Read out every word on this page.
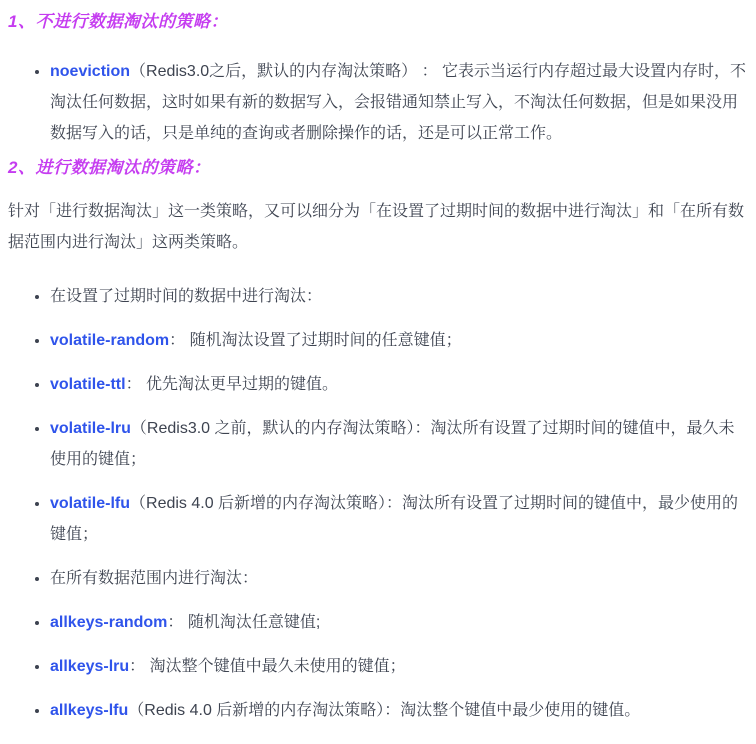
1、不进行数据淘汰的策略：
• noeviction（Redis3.0之后，默认的内存淘汰策略） ： 它表示当运行内存超过最大设置内存时，不淘汰任何数据，这时如果有新的数据写入，会报错通知禁止写入，不淘汰任何数据，但是如果没用数据写入的话，只是单纯的查询或者删除操作的话，还是可以正常工作。
2、进行数据淘汰的策略：

针对「进行数据淘汰」这一类策略，又可以细分为「在设置了过期时间的数据中进行淘汰」和「在所有数据范围内进行淘汰」这两类策略。

• 在设置了过期时间的数据中进行淘汰：
• volatile-random： 随机淘汰设置了过期时间的任意键值；
• volatile-ttl： 优先淘汰更早过期的键值。
• volatile-lru（Redis3.0 之前，默认的内存淘汰策略）：淘汰所有设置了过期时间的键值中，最久未使用的键值；
• volatile-lfu（Redis 4.0 后新增的内存淘汰策略）：淘汰所有设置了过期时间的键值中，最少使用的键值；
• 在所有数据范围内进行淘汰：
• allkeys-random： 随机淘汰任意键值;
• allkeys-lru： 淘汰整个键值中最久未使用的键值；
• allkeys-lfu（Redis 4.0 后新增的内存淘汰策略）：淘汰整个键值中最少使用的键值。
